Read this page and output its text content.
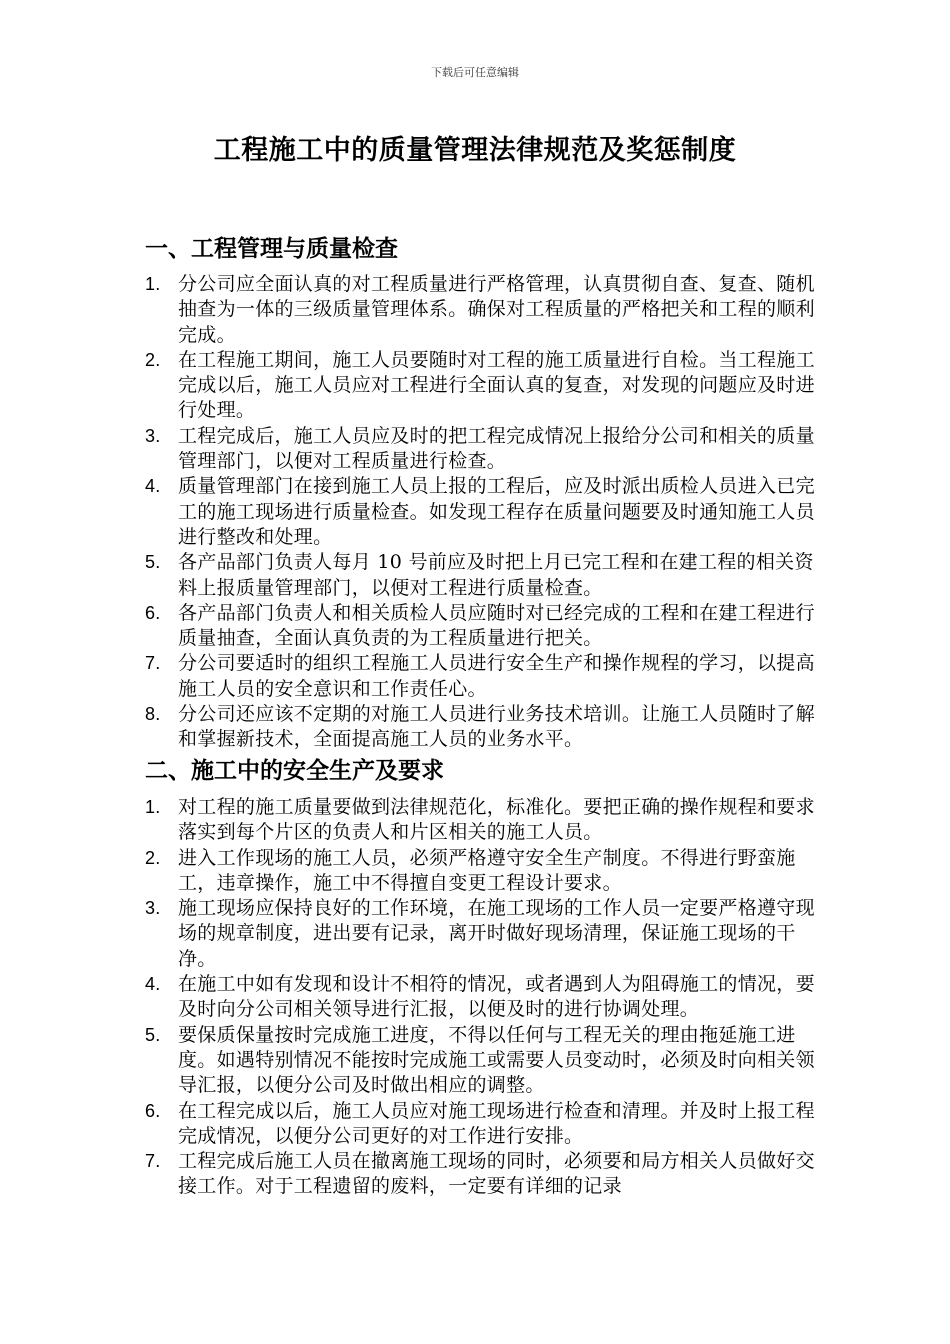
下载后可任意编辑
工程施工中的质量管理法律规范及奖惩制度
一、工程管理与质量检查
1. 分公司应全面认真的对工程质量进行严格管理，认真贯彻自查、复查、随机抽查为一体的三级质量管理体系。确保对工程质量的严格把关和工程的顺利完成。
2. 在工程施工期间，施工人员要随时对工程的施工质量进行自检。当工程施工完成以后，施工人员应对工程进行全面认真的复查，对发现的问题应及时进行处理。
3. 工程完成后，施工人员应及时的把工程完成情况上报给分公司和相关的质量管理部门，以便对工程质量进行检查。
4. 质量管理部门在接到施工人员上报的工程后，应及时派出质检人员进入已完工的施工现场进行质量检查。如发现工程存在质量问题要及时通知施工人员进行整改和处理。
5. 各产品部门负责人每月 10 号前应及时把上月已完工程和在建工程的相关资料上报质量管理部门，以便对工程进行质量检查。
6. 各产品部门负责人和相关质检人员应随时对已经完成的工程和在建工程进行质量抽查，全面认真负责的为工程质量进行把关。
7. 分公司要适时的组织工程施工人员进行安全生产和操作规程的学习，以提高施工人员的安全意识和工作责任心。
8. 分公司还应该不定期的对施工人员进行业务技术培训。让施工人员随时了解和掌握新技术，全面提高施工人员的业务水平。
二、施工中的安全生产及要求
1. 对工程的施工质量要做到法律规范化，标准化。要把正确的操作规程和要求落实到每个片区的负责人和片区相关的施工人员。
2. 进入工作现场的施工人员，必须严格遵守安全生产制度。不得进行野蛮施工，违章操作，施工中不得擅自变更工程设计要求。
3. 施工现场应保持良好的工作环境，在施工现场的工作人员一定要严格遵守现场的规章制度，进出要有记录，离开时做好现场清理，保证施工现场的干净。
4. 在施工中如有发现和设计不相符的情况，或者遇到人为阻碍施工的情况，要及时向分公司相关领导进行汇报，以便及时的进行协调处理。
5. 要保质保量按时完成施工进度，不得以任何与工程无关的理由拖延施工进度。如遇特别情况不能按时完成施工或需要人员变动时，必须及时向相关领导汇报，以便分公司及时做出相应的调整。
6. 在工程完成以后，施工人员应对施工现场进行检查和清理。并及时上报工程完成情况，以便分公司更好的对工作进行安排。
7. 工程完成后施工人员在撤离施工现场的同时，必须要和局方相关人员做好交接工作。对于工程遗留的废料，一定要有详细的记录
